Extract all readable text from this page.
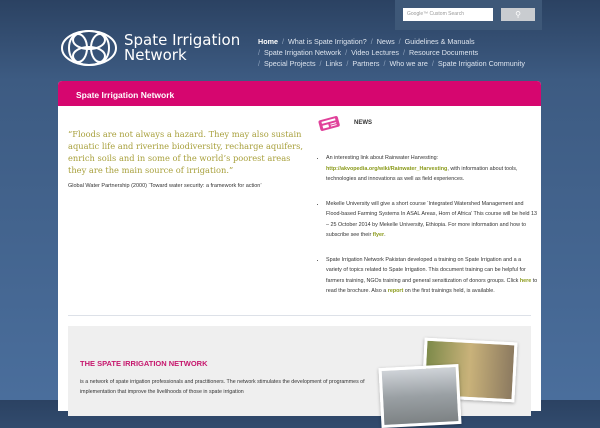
Google™ Custom Search	⚲
Spate Irrigation
Network
Home / What is Spate Irrigation? / News / Guidelines & Manuals
/ Spate Irrigation Network / Video Lectures / Resource Documents
/ Special Projects / Links / Partners / Who we are / Spate Irrigation Community
Spate Irrigation Network
“Floods are not always a hazard. They may also sustain aquatic life and riverine biodiversity, recharge aquifers, enrich soils and in some of the world’s poorest areas they are the main source of irrigation.”
Global Water Partnership (2000) ‘Toward water security: a framework for action’
NEWS
• An interesting link about Rainwater Harvesting: http://akvopedia.org/wiki/Rainwater_Harvesting, with information about tools, technologies and innovations as well as field experiences.
• Mekelle University will give a short course ‘Integrated Watershed Management and Flood-based Farming Systems In ASAL Areas, Horn of Africa’ This course will be held 13 – 25 October 2014 by Mekelle University, Ethiopia. For more information and how to subscribe see their flyer.
• Spate Irrigation Network Pakistan developed a training on Spate Irrigation and a a variety of topics related to Spate Irrigation. This document training can be helpful for farmers training, NGOs training and general sensitization of donors groups. Click here to read the brochure. Also a report on the first trainings held, is available.
THE SPATE IRRIGATION NETWORK
is a network of spate irrigation professionals and practitioners. The network stimulates the development of programmes of implementation that improve the livelihoods of those in spate irrigation
